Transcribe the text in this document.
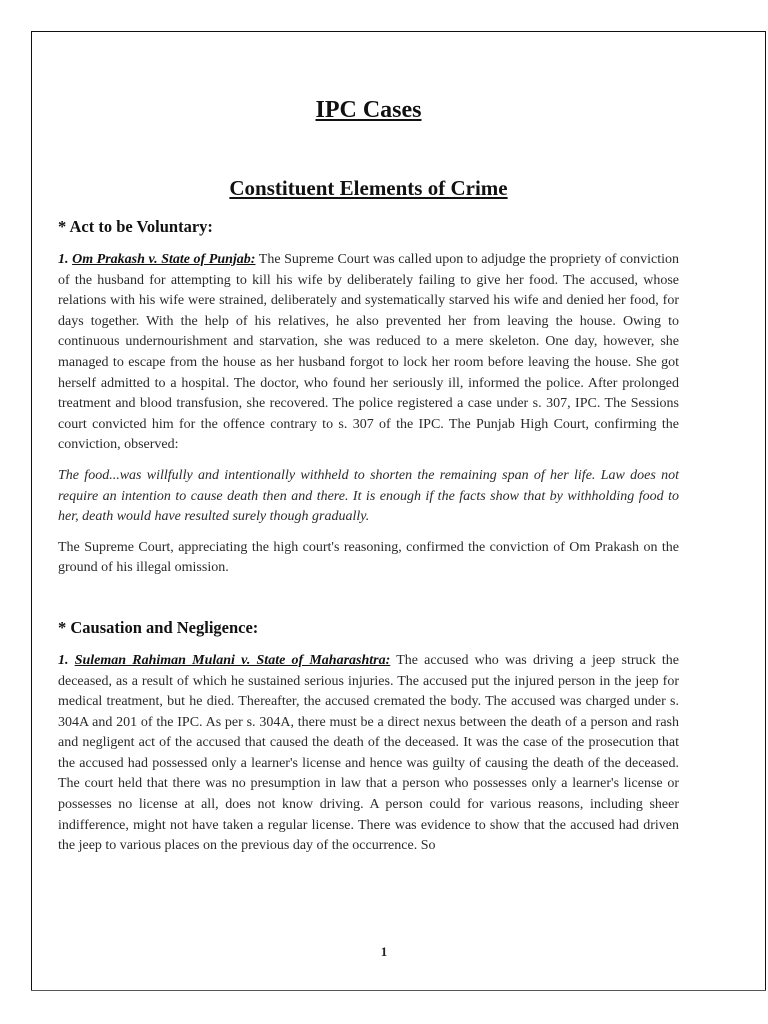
IPC Cases
Constituent Elements of Crime
* Act to be Voluntary:

1. Om Prakash v. State of Punjab: The Supreme Court was called upon to adjudge the propriety of conviction of the husband for attempting to kill his wife by deliberately failing to give her food. The accused, whose relations with his wife were strained, deliberately and systematically starved his wife and denied her food, for days together. With the help of his relatives, he also prevented her from leaving the house. Owing to continuous undernourishment and starvation, she was reduced to a mere skeleton. One day, however, she managed to escape from the house as her husband forgot to lock her room before leaving the house. She got herself admitted to a hospital. The doctor, who found her seriously ill, informed the police. After prolonged treatment and blood transfusion, she recovered. The police registered a case under s. 307, IPC. The Sessions court convicted him for the offence contrary to s. 307 of the IPC. The Punjab High Court, confirming the conviction, observed:

The food...was willfully and intentionally withheld to shorten the remaining span of her life. Law does not require an intention to cause death then and there. It is enough if the facts show that by withholding food to her, death would have resulted surely though gradually.

The Supreme Court, appreciating the high court's reasoning, confirmed the conviction of Om Prakash on the ground of his illegal omission.

* Causation and Negligence:

1. Suleman Rahiman Mulani v. State of Maharashtra: The accused who was driving a jeep struck the deceased, as a result of which he sustained serious injuries. The accused put the injured person in the jeep for medical treatment, but he died. Thereafter, the accused cremated the body. The accused was charged under s. 304A and 201 of the IPC. As per s. 304A, there must be a direct nexus between the death of a person and rash and negligent act of the accused that caused the death of the deceased. It was the case of the prosecution that the accused had possessed only a learner's license and hence was guilty of causing the death of the deceased. The court held that there was no presumption in law that a person who possesses only a learner's license or possesses no license at all, does not know driving. A person could for various reasons, including sheer indifference, might not have taken a regular license. There was evidence to show that the accused had driven the jeep to various places on the previous day of the occurrence. So

1
